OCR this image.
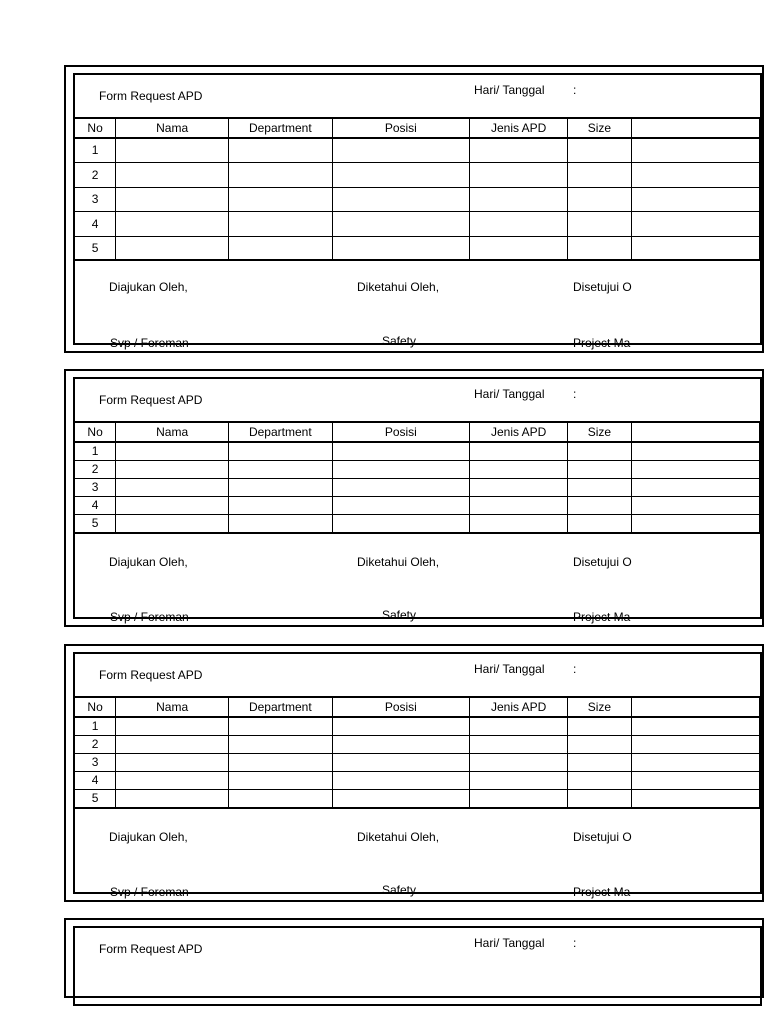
Form Request APD	Hari/ Tanggal :
No	Nama	Department	Posisi	Jenis APD	Size	
1						
2						
3						
4						
5						
Diajukan Oleh,	Diketahui Oleh,	Disetujui O
Svp / Foreman	Safety	Project Ma
Form Request APD	Hari/ Tanggal :
No	Nama	Department	Posisi	Jenis APD	Size	
1						
2						
3						
4						
5						
Diajukan Oleh,	Diketahui Oleh,	Disetujui O
Svp / Foreman	Safety	Project Ma
Form Request APD	Hari/ Tanggal :
No	Nama	Department	Posisi	Jenis APD	Size	
1						
2						
3						
4						
5						
Diajukan Oleh,	Diketahui Oleh,	Disetujui O
Svp / Foreman	Safety	Project Ma
Form Request APD	Hari/ Tanggal :
